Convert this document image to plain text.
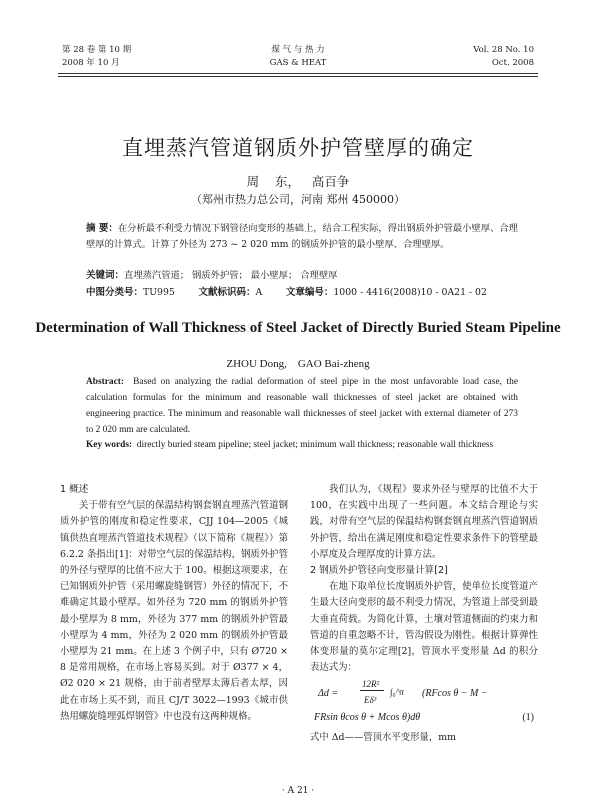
第 28 卷 第 10 期
2008 年 10 月
煤 气 与 热 力
GAS & HEAT
Vol. 28 No. 10
Oct. 2008
直埋蒸汽管道钢质外护管壁厚的确定
周    东，   高百争
（郑州市热力总公司，河南 郑州 450000）
摘 要：在分析最不利受力情况下钢管径向变形的基础上，结合工程实际，得出钢质外护管最小壁厚、合理壁厚的计算式。计算了外径为 273 ~ 2 020 mm 的钢质外护管的最小壁厚、合理壁厚。
关键词：直埋蒸汽管道； 钢质外护管； 最小壁厚； 合理壁厚
中图分类号：TU995 文献标识码：A 文章编号：1000 - 4416(2008)10 - 0A21 - 02
Determination of Wall Thickness of Steel Jacket of Directly Buried Steam Pipeline
ZHOU Dong,    GAO Bai-zheng
Abstract: Based on analyzing the radial deformation of steel pipe in the most unfavorable load case, the calculation formulas for the minimum and reasonable wall thicknesses of steel jacket are obtained with engineering practice. The minimum and reasonable wall thicknesses of steel jacket with external diameter of 273 to 2 020 mm are calculated.
Key words: directly buried steam pipeline; steel jacket; minimum wall thickness; reasonable wall thickness
1 概述

关于带有空气层的保温结构钢套钢直埋蒸汽管道钢质外护管的刚度和稳定性要求，CJJ 104—2005《城镇供热直埋蒸汽管道技术规程》（以下简称《规程》）第 6.2.2 条指出[1]：对带空气层的保温结构，钢质外护管的外径与壁厚的比值不应大于 100。根据这项要求，在已知钢质外护管（采用螺旋缝钢管）外径的情况下，不难确定其最小壁厚。如外径为 720 mm 的钢质外护管最小壁厚为 8 mm，外径为 377 mm 的钢质外护管最小壁厚为 4 mm，外径为 2 020 mm 的钢质外护管最小壁厚为 21 mm。在上述 3 个例子中，只有 Ø720 × 8 是常用规格，在市场上容易买到。对于 Ø377 × 4，Ø2 020 × 21 规格，由于前者壁厚太薄后者太厚，因此在市场上买不到，而且 CJ/T 3022—1993《城市供热用螺旋缝埋弧焊钢管》中也没有这两种规格。

我们认为，《规程》要求外径与壁厚的比值不大于 100，在实践中出现了一些问题。本文结合理论与实践，对带有空气层的保温结构钢套钢直埋蒸汽管道钢质外护管，给出在满足刚度和稳定性要求条件下的管壁最小厚度及合理厚度的计算方法。

2 钢质外护管径向变形量计算[2]

在地下取单位长度钢质外护管，使单位长度管道产生最大径向变形的最不利受力情况，为管道上部受到最大垂直荷载。为简化计算，土壤对管道侧面的约束力和管道的自重忽略不计，管沟假设为刚性。根据计算弹性体变形量的莫尔定理[2]，管顶水平变形量 Δd 的积分表达式为：

Δd =
12R²
Eδ³
∫₀^π (RFcos θ − M −
FRsin θcos θ + Mcos θ)dθ	(1)
式中 Δd——管顶水平变形量，mm
· A 21 ·
